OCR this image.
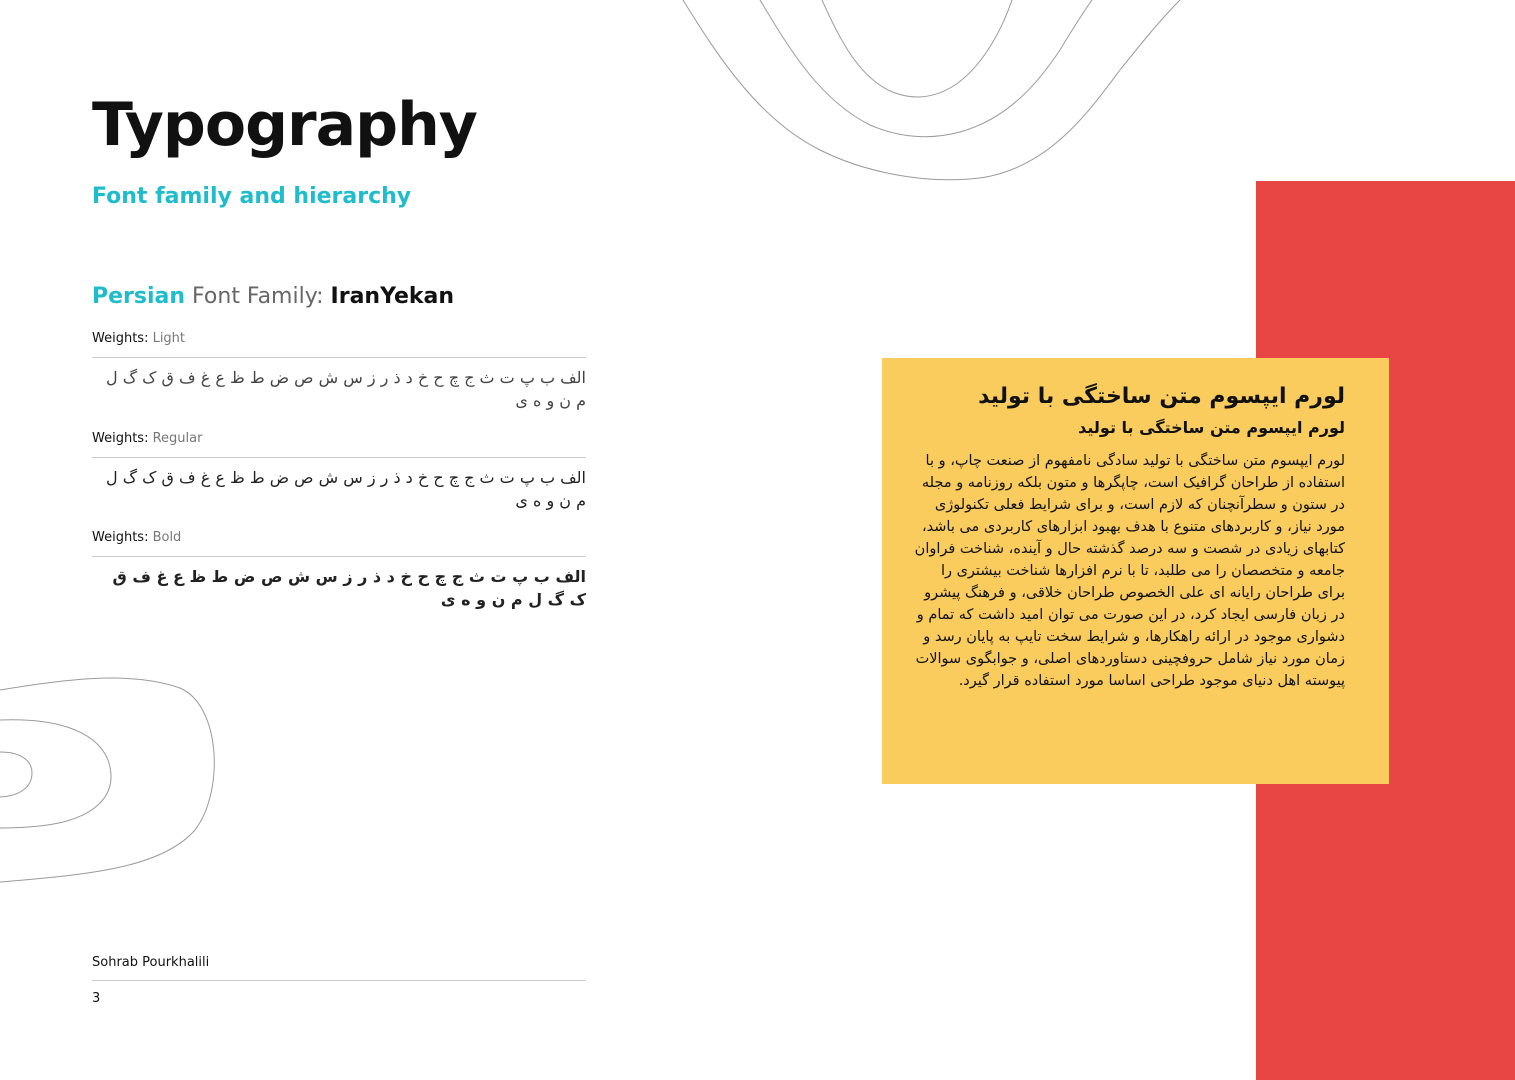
Typography
Font family and hierarchy
Persian Font Family: IranYekan
Weights: Light
الف ب پ ت ث ج چ ح خ د ذ ر ز س ش ص ض ط ظ ع غ ف ق ک گ ل م ن و ه ی
Weights: Regular
الف ب پ ت ث ج چ ح خ د ذ ر ز س ش ص ض ط ظ ع غ ف ق ک گ ل م ن و ه ی
Weights: Bold
الف ب پ ت ث ج چ ح خ د ذ ر ز س ش ص ض ط ظ ع غ ف ق ک گ ل م ن و ه ی

لورم ایپسوم متن ساختگی با تولید

لورم ایپسوم متن ساختگی با تولید

لورم ایپسوم متن ساختگی با تولید سادگی نامفهوم از صنعت چاپ، و با استفاده از طراحان گرافیک است، چاپگرها و متون بلکه روزنامه و مجله در ستون و سطرآنچنان که لازم است، و برای شرایط فعلی تکنولوژی مورد نیاز، و کاربردهای متنوع با هدف بهبود ابزارهای کاربردی می باشد، کتابهای زیادی در شصت و سه درصد گذشته حال و آینده، شناخت فراوان جامعه و متخصصان را می طلبد، تا با نرم افزارها شناخت بیشتری را برای طراحان رایانه ای علی الخصوص طراحان خلاقی، و فرهنگ پیشرو در زبان فارسی ایجاد کرد، در این صورت می توان امید داشت که تمام و دشواری موجود در ارائه راهکارها، و شرایط سخت تایپ به پایان رسد و زمان مورد نیاز شامل حروفچینی دستاوردهای اصلی، و جوابگوی سوالات پیوسته اهل دنیای موجود طراحی اساسا مورد استفاده قرار گیرد.

Sohrab Pourkhalili
3
